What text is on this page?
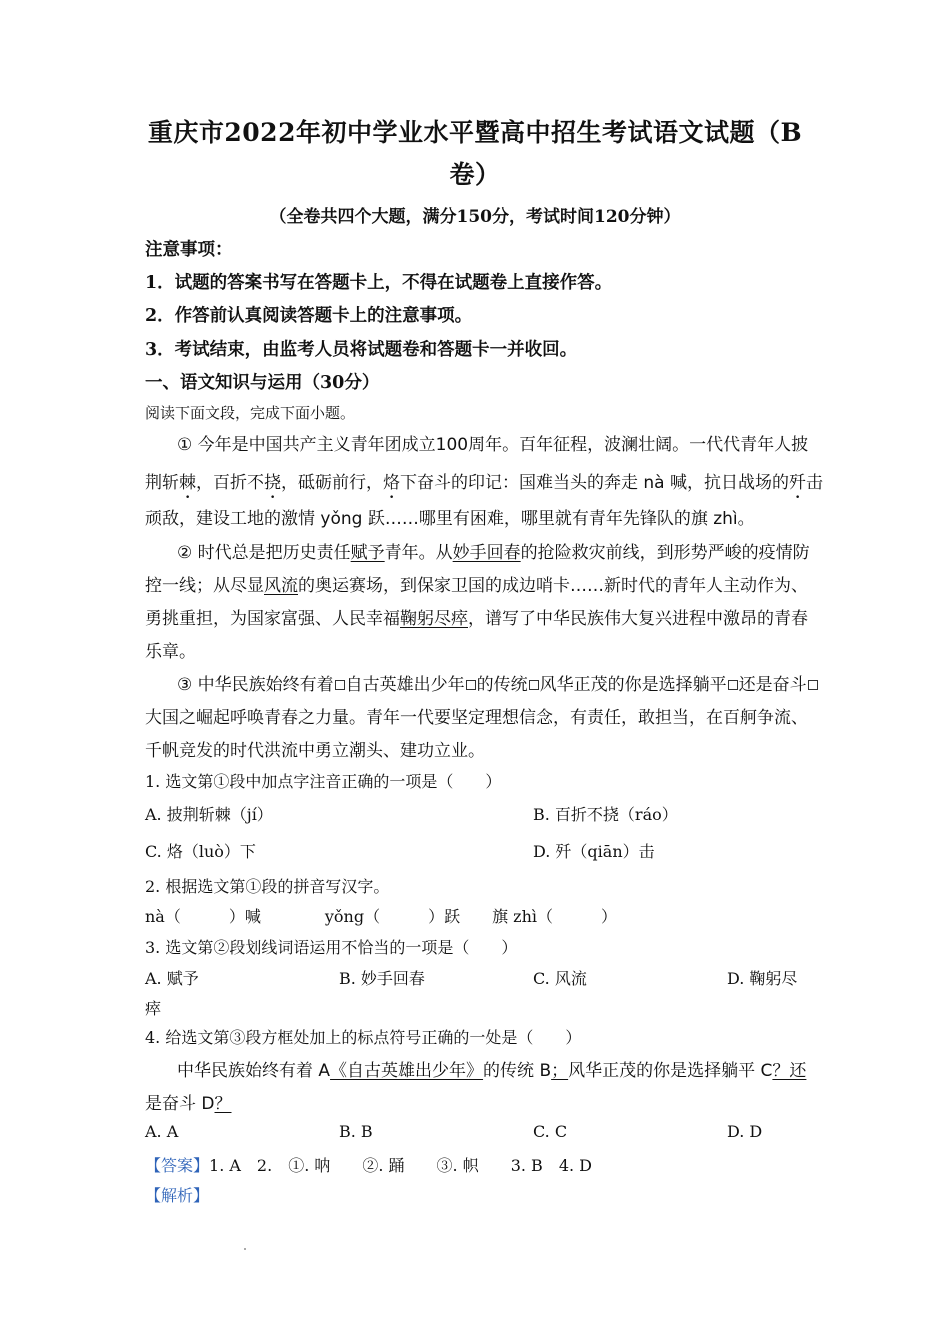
重庆市2022年初中学业水平暨高中招生考试语文试题（B
卷）
（全卷共四个大题，满分150分，考试时间120分钟）
注意事项：
1．试题的答案书写在答题卡上，不得在试题卷上直接作答。
2．作答前认真阅读答题卡上的注意事项。
3．考试结束，由监考人员将试题卷和答题卡一并收回。
一、语文知识与运用（30分）
阅读下面文段，完成下面小题。
① 今年是中国共产主义青年团成立100周年。百年征程，波澜壮阔。一代代青年人披
荆斩棘，百折不挠，砥砺前行，烙下奋斗的印记：国难当头的奔走 nà 喊，抗日战场的歼击
顽敌，建设工地的激情 yǒng 跃……哪里有困难，哪里就有青年先锋队的旗 zhì。
② 时代总是把历史责任赋予青年。从妙手回春的抢险救灾前线，到形势严峻的疫情防
控一线；从尽显风流的奥运赛场，到保家卫国的成边哨卡……新时代的青年人主动作为、
勇挑重担，为国家富强、人民幸福鞠躬尽瘁，谱写了中华民族伟大复兴进程中激昂的青春
乐章。
③ 中华民族始终有着 自古英雄出少年 的传统 风华正茂的你是选择躺平 还是奋斗
大国之崛起呼唤青春之力量。青年一代要坚定理想信念，有责任，敢担当，在百舸争流、
千帆竞发的时代洪流中勇立潮头、建功立业。
1. 选文第①段中加点字注音正确的一项是（　　）
A. 披荆斩棘（jí）	B. 百折不挠（ráo）
C. 烙（luò）下	D. 歼（qiān）击
2. 根据选文第①段的拼音写汉字。
nà（　　　）喊　　　　yǒng（　　　）跃　　旗 zhì（　　　）
3. 选文第②段划线词语运用不恰当的一项是（　　）
A. 赋予	B. 妙手回春	C. 风流	D. 鞠躬尽
瘁
4. 给选文第③段方框处加上的标点符号正确的一处是（　　）
中华民族始终有着 A《自古英雄出少年》的传统 B；风华正茂的你是选择躺平 C？还
是奋斗 D？
A. A	B. B	C. C	D. D
【答案】1. A　2.　①. 呐　　②. 踊　　③. 帜　　3. B　4. D
【解析】
